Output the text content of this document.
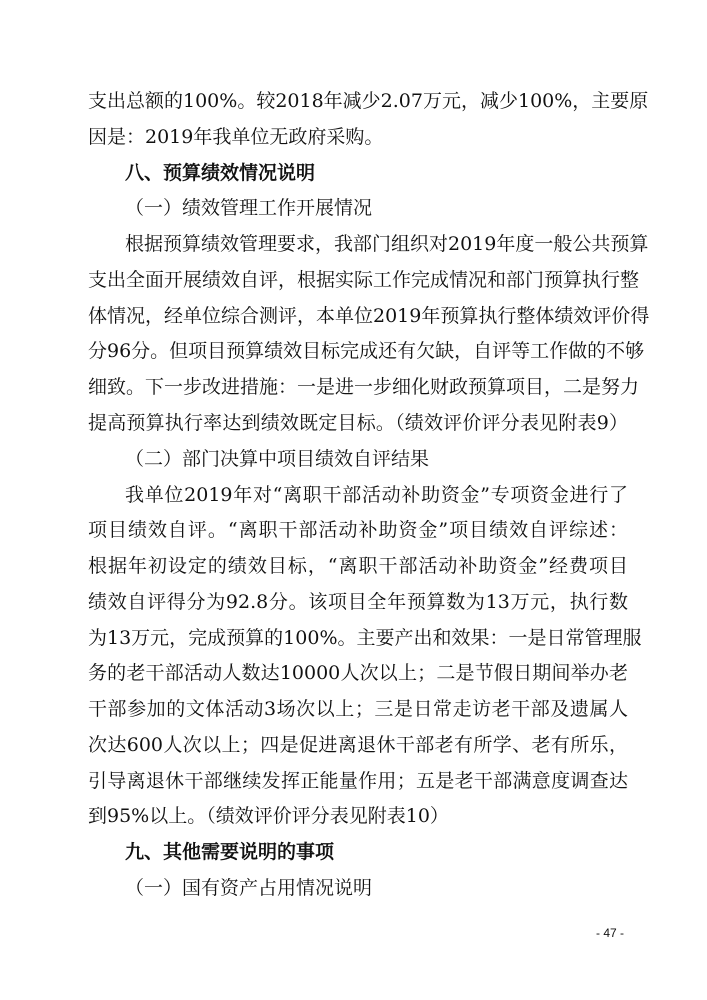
支出总额的100%。较2018年减少2.07万元，减少100%，主要原
因是：2019年我单位无政府采购。
八、预算绩效情况说明
（一）绩效管理工作开展情况
根据预算绩效管理要求，我部门组织对2019年度一般公共预算
支出全面开展绩效自评，根据实际工作完成情况和部门预算执行整
体情况，经单位综合测评，本单位2019年预算执行整体绩效评价得
分96分。但项目预算绩效目标完成还有欠缺，自评等工作做的不够
细致。下一步改进措施：一是进一步细化财政预算项目，二是努力
提高预算执行率达到绩效既定目标。（绩效评价评分表见附表9）
（二）部门决算中项目绩效自评结果
我单位2019年对“离职干部活动补助资金”专项资金进行了
项目绩效自评。“离职干部活动补助资金”项目绩效自评综述：
根据年初设定的绩效目标，“离职干部活动补助资金”经费项目
绩效自评得分为92.8分。该项目全年预算数为13万元，执行数
为13万元，完成预算的100%。主要产出和效果：一是日常管理服
务的老干部活动人数达10000人次以上；二是节假日期间举办老
干部参加的文体活动3场次以上；三是日常走访老干部及遗属人
次达600人次以上；四是促进离退休干部老有所学、老有所乐，
引导离退休干部继续发挥正能量作用；五是老干部满意度调查达
到95%以上。（绩效评价评分表见附表10）
九、其他需要说明的事项
（一）国有资产占用情况说明
- 47 -
